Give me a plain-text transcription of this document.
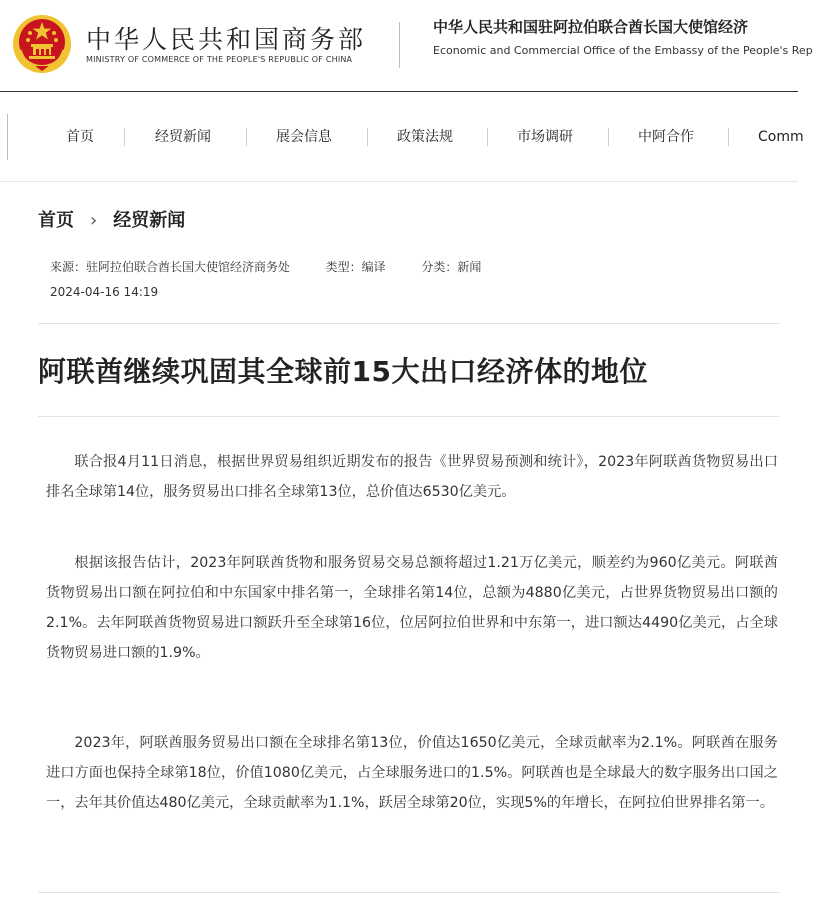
中华人民共和国商务部
MINISTRY OF COMMERCE OF THE PEOPLE'S REPUBLIC OF CHINA
中华人民共和国驻阿拉伯联合酋长国大使馆经济
Economic and Commercial Office of the Embassy of the People's Rep
首页	经贸新闻	展会信息	政策法规	市场调研	中阿合作	Comm
首页 › 经贸新闻
来源：驻阿拉伯联合酋长国大使馆经济商务处	类型：编译	分类：新闻
2024-04-16 14:19
阿联酋继续巩固其全球前15大出口经济体的地位

联合报4月11日消息，根据世界贸易组织近期发布的报告《世界贸易预测和统计》，2023年阿联酋货物贸易出口排名全球第14位，服务贸易出口排名全球第13位，总价值达6530亿美元。

根据该报告估计，2023年阿联酋货物和服务贸易交易总额将超过1.21万亿美元，顺差约为960亿美元。阿联酋货物贸易出口额在阿拉伯和中东国家中排名第一，全球排名第14位，总额为4880亿美元，占世界货物贸易出口额的2.1%。去年阿联酋货物贸易进口额跃升至全球第16位，位居阿拉伯世界和中东第一，进口额达4490亿美元，占全球货物贸易进口额的1.9%。

2023年，阿联酋服务贸易出口额在全球排名第13位，价值达1650亿美元，全球贡献率为2.1%。阿联酋在服务进口方面也保持全球第18位，价值1080亿美元，占全球服务进口的1.5%。阿联酋也是全球最大的数字服务出口国之一，去年其价值达480亿美元，全球贡献率为1.1%，跃居全球第20位，实现5%的年增长，在阿拉伯世界排名第一。
